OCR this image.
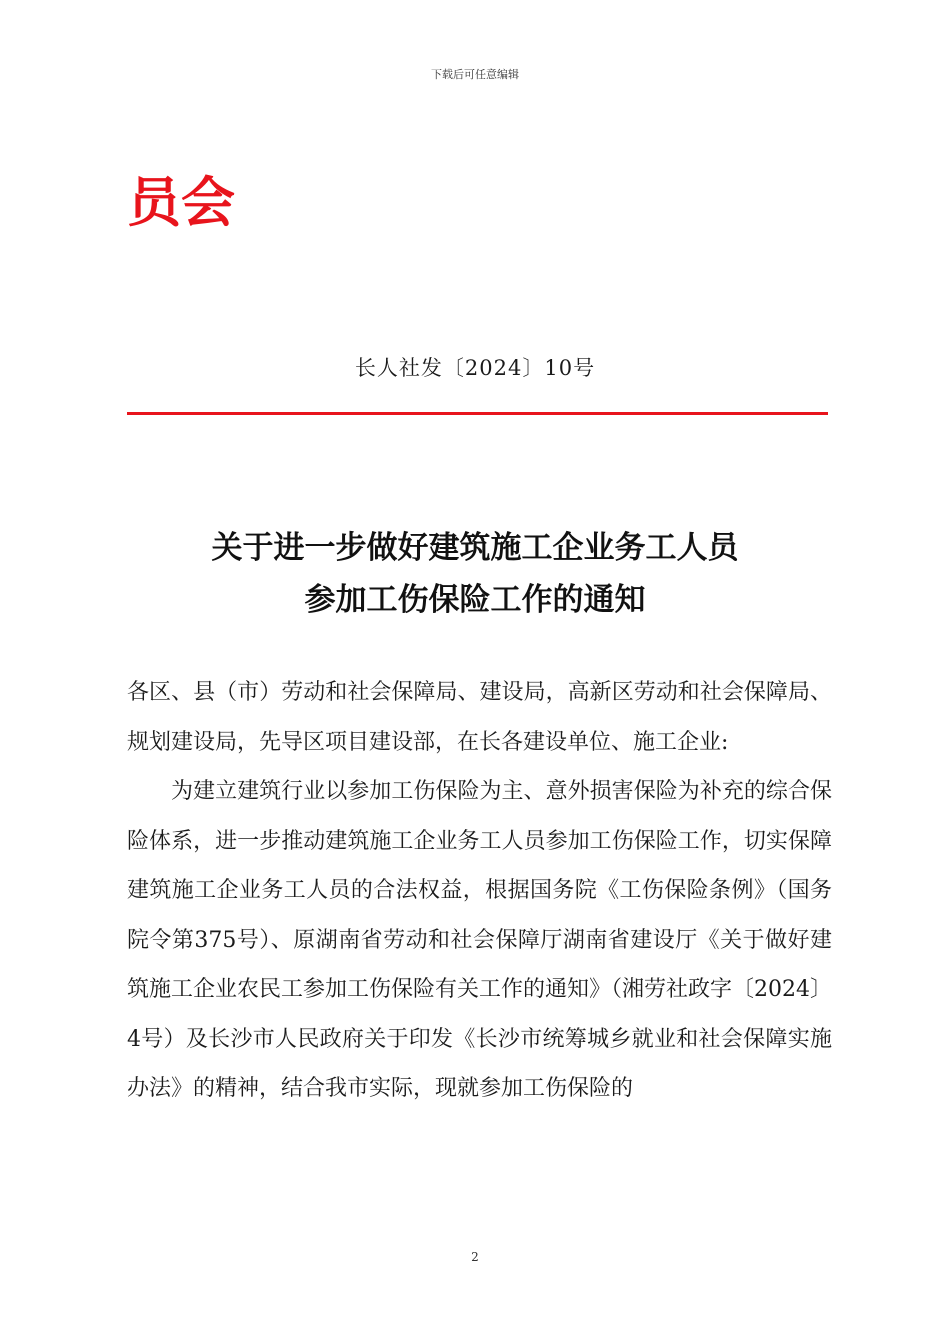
下载后可任意编辑
员会
长人社发〔2024〕10号
关于进一步做好建筑施工企业务工人员
参加工伤保险工作的通知

各区、县（市）劳动和社会保障局、建设局，高新区劳动和社会保障局、规划建设局，先导区项目建设部，在长各建设单位、施工企业:

为建立建筑行业以参加工伤保险为主、意外损害保险为补充的综合保险体系，进一步推动建筑施工企业务工人员参加工伤保险工作，切实保障建筑施工企业务工人员的合法权益，根据国务院《工伤保险条例》（国务院令第375号）、原湖南省劳动和社会保障厅湖南省建设厅《关于做好建筑施工企业农民工参加工伤保险有关工作的通知》（湘劳社政字〔2024〕4号）及长沙市人民政府关于印发《长沙市统筹城乡就业和社会保障实施办法》的精神，结合我市实际，现就参加工伤保险的

2
